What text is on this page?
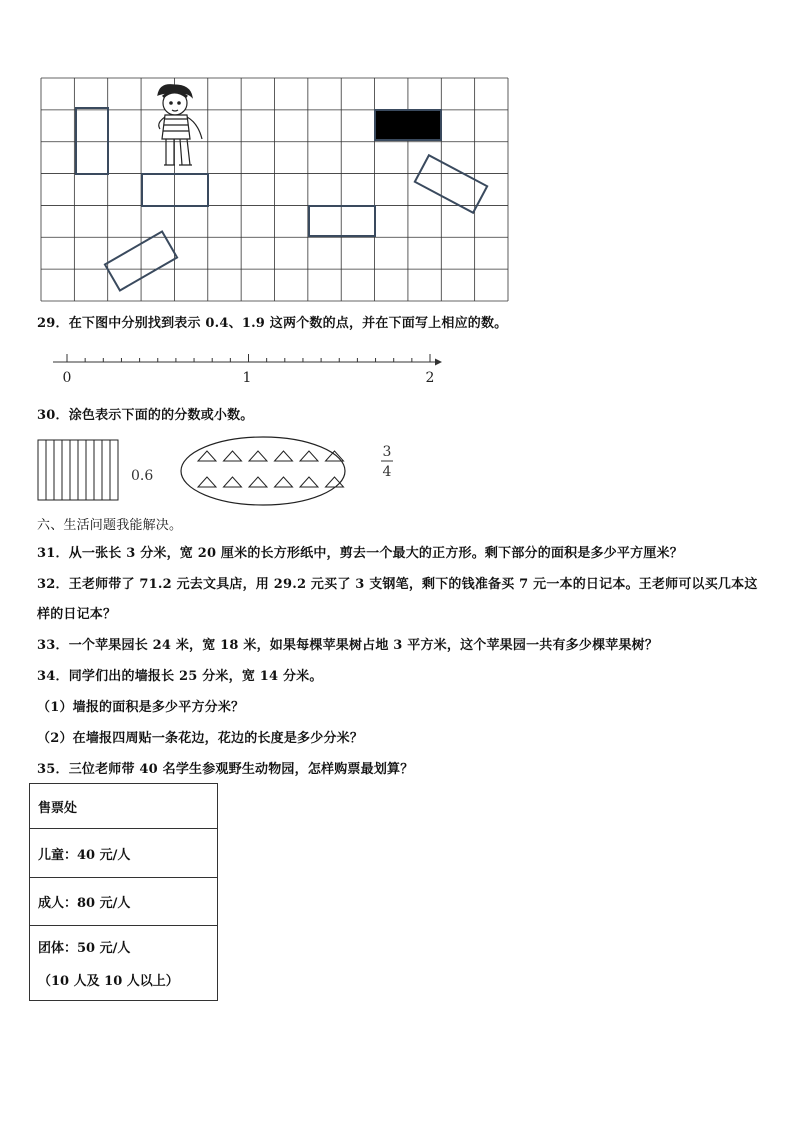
29．在下图中分别找到表示 0.4、1.9 这两个数的点，并在下面写上相应的数。
0	1	2
30．涂色表示下面的的分数或小数。
0.6
3
4
六、生活问题我能解决。
31．从一张长 3 分米，宽 20 厘米的长方形纸中，剪去一个最大的正方形。剩下部分的面积是多少平方厘米？
32．王老师带了 71.2 元去文具店，用 29.2 元买了 3 支钢笔，剩下的钱准备买 7 元一本的日记本。王老师可以买几本这
样的日记本？
33．一个苹果园长 24 米，宽 18 米，如果每棵苹果树占地 3 平方米，这个苹果园一共有多少棵苹果树？
34．同学们出的墙报长 25 分米，宽 14 分米。
（1）墙报的面积是多少平方分米？
（2）在墙报四周贴一条花边，花边的长度是多少分米？
35．三位老师带 40 名学生参观野生动物园，怎样购票最划算？
售票处
儿童：40 元/人
成人：80 元/人

团体：50 元/人
（10 人及 10 人以上）
